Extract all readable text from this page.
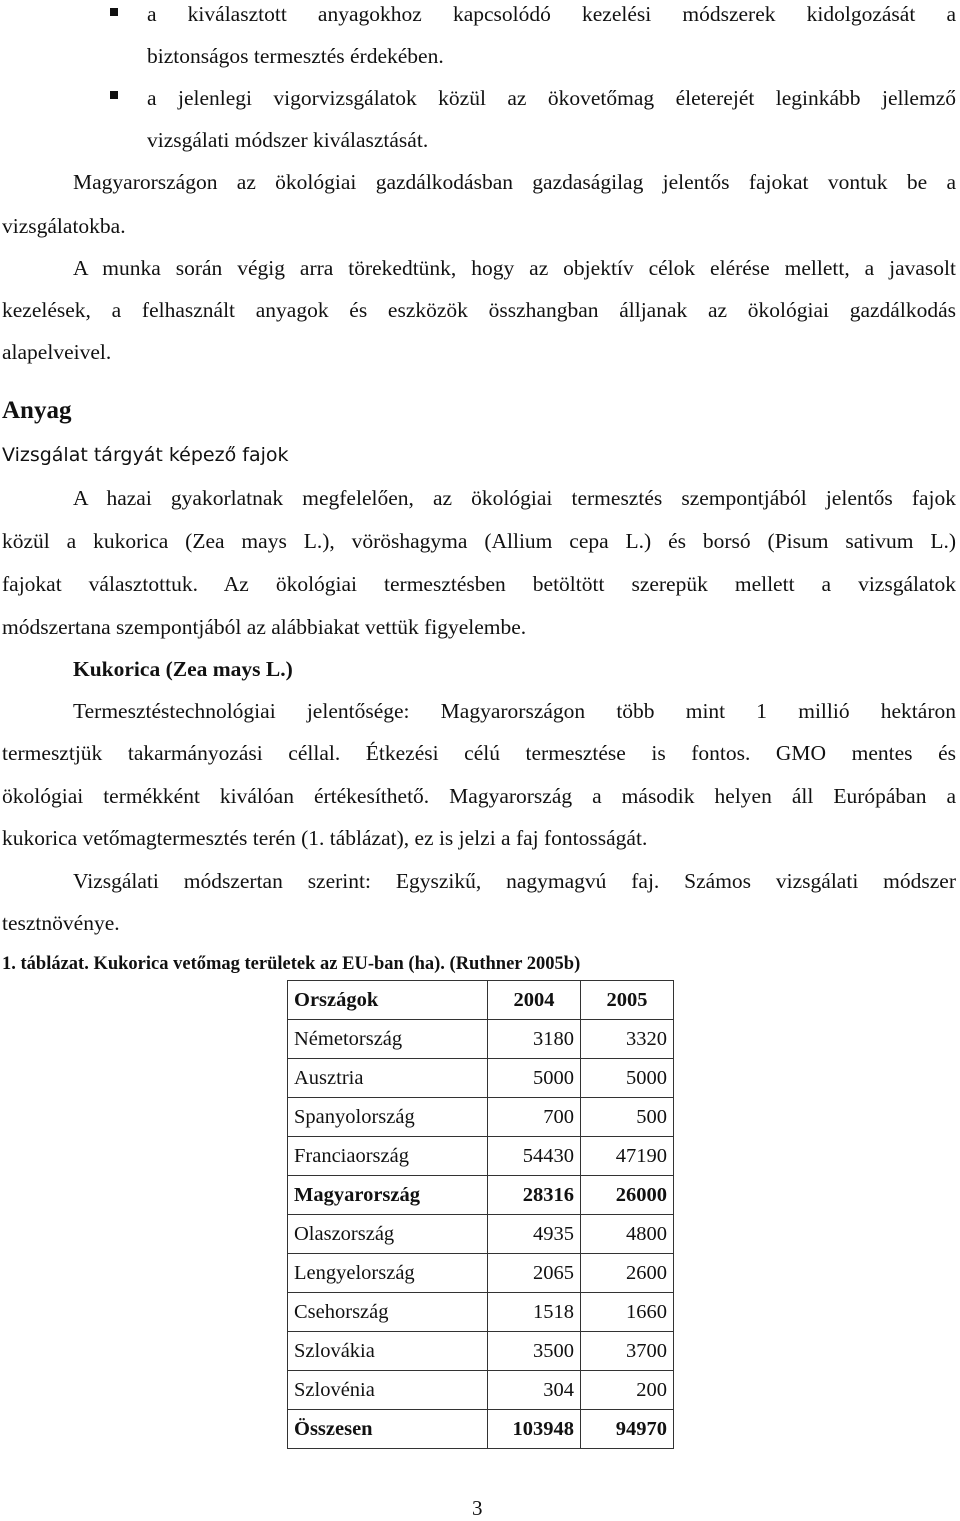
a kiválasztott anyagokhoz kapcsolódó kezelési módszerek kidolgozását a
biztonságos termesztés érdekében.
a jelenlegi vigorvizsgálatok közül az ökovetőmag életerejét leginkább jellemző
vizsgálati módszer kiválasztását.
Magyarországon az ökológiai gazdálkodásban gazdaságilag jelentős fajokat vontuk be a
vizsgálatokba.
A munka során végig arra törekedtünk, hogy az objektív célok elérése mellett, a javasolt
kezelések, a felhasznált anyagok és eszközök összhangban álljanak az ökológiai gazdálkodás
alapelveivel.
Anyag
Vizsgálat tárgyát képező fajok
A hazai gyakorlatnak megfelelően, az ökológiai termesztés szempontjából jelentős fajok
közül a kukorica (Zea mays L.), vöröshagyma (Allium cepa L.) és borsó (Pisum sativum L.)
fajokat választottuk. Az ökológiai termesztésben betöltött szerepük mellett a vizsgálatok
módszertana szempontjából az alábbiakat vettük figyelembe.
Kukorica (Zea mays L.)
Termesztéstechnológiai jelentősége: Magyarországon több mint 1 millió hektáron
termesztjük takarmányozási céllal. Étkezési célú termesztése is fontos. GMO mentes és
ökológiai termékként kiválóan értékesíthető. Magyarország a második helyen áll Európában a
kukorica vetőmagtermesztés terén (1. táblázat), ez is jelzi a faj fontosságát.
Vizsgálati módszertan szerint: Egyszikű, nagymagvú faj. Számos vizsgálati módszer
tesztnövénye.
1. táblázat. Kukorica vetőmag területek az EU-ban (ha). (Ruthner 2005b)
Országok	2004	2005
Németország	3180	3320
Ausztria	5000	5000
Spanyolország	700	500
Franciaország	54430	47190
Magyarország	28316	26000
Olaszország	4935	4800
Lengyelország	2065	2600
Csehország	1518	1660
Szlovákia	3500	3700
Szlovénia	304	200
Összesen	103948	94970
3
